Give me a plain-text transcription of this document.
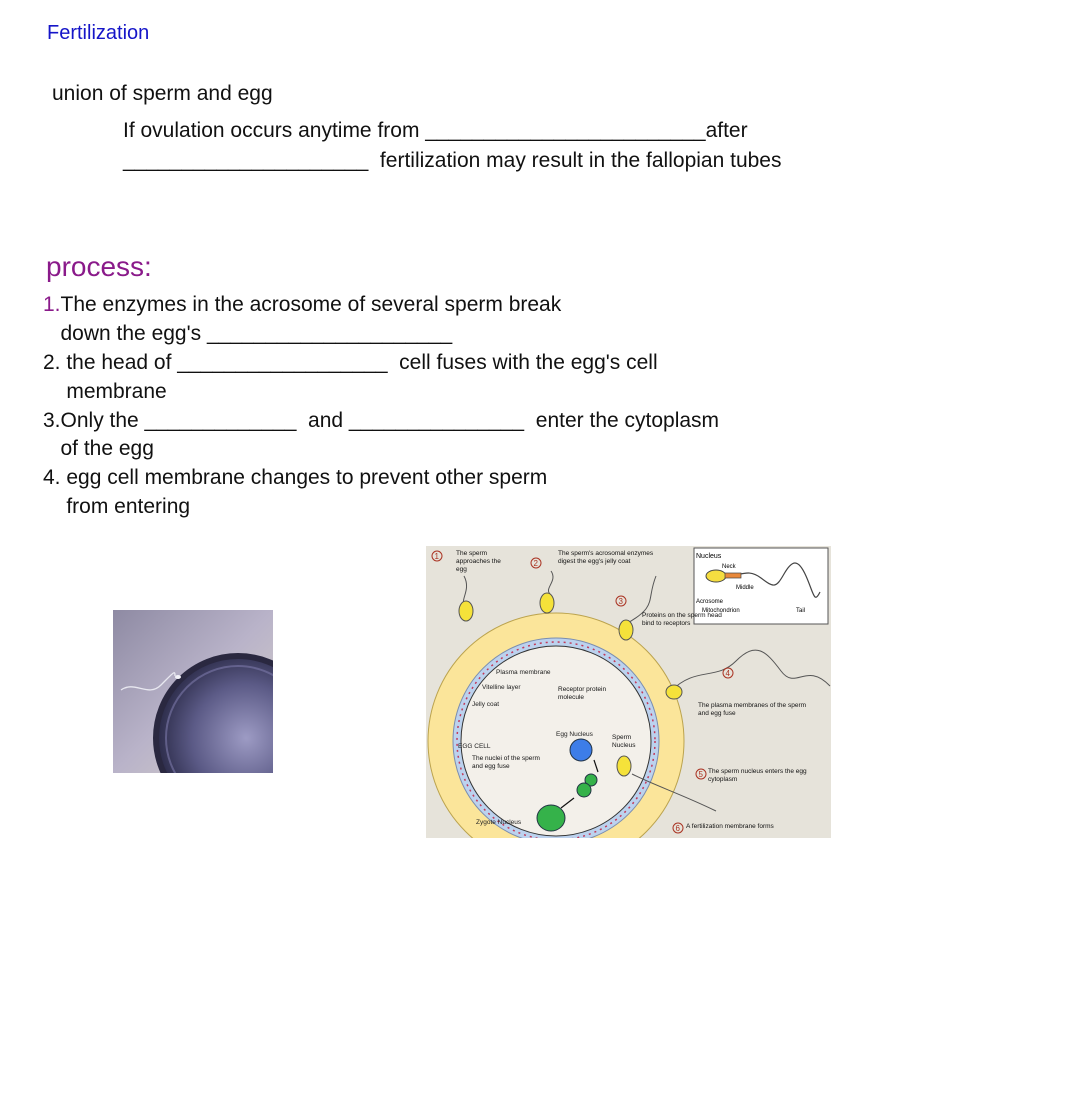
Fertilization
union of sperm and egg
If ovulation occurs anytime from ________________________after
_____________________  fertilization may result in the fallopian tubes
process:
1.The enzymes in the acrosome of several sperm break
down the egg's _____________________
2. the head of __________________  cell fuses with the egg's cell
membrane
3.Only the _____________  and _______________  enter the cytoplasm
of the egg
4. egg cell membrane changes to prevent other sperm
from entering
Nucleus
Neck
Middle
Acrosome
Mitochondrion	Tail
1
2
3
4
5
6
The sperm approaches the egg
The sperm's acrosomal enzymes digest the egg's jelly coat
Proteins on the sperm head bind to receptors
The plasma membranes of the sperm and egg fuse
The sperm nucleus enters the egg cytoplasm
A fertilization membrane forms
Plasma membrane
Vitelline layer
Jelly coat
Receptor protein molecule
EGG CELL
Egg Nucleus	Sperm Nucleus
The nuclei of the sperm and egg fuse
Zygote Nucleus
